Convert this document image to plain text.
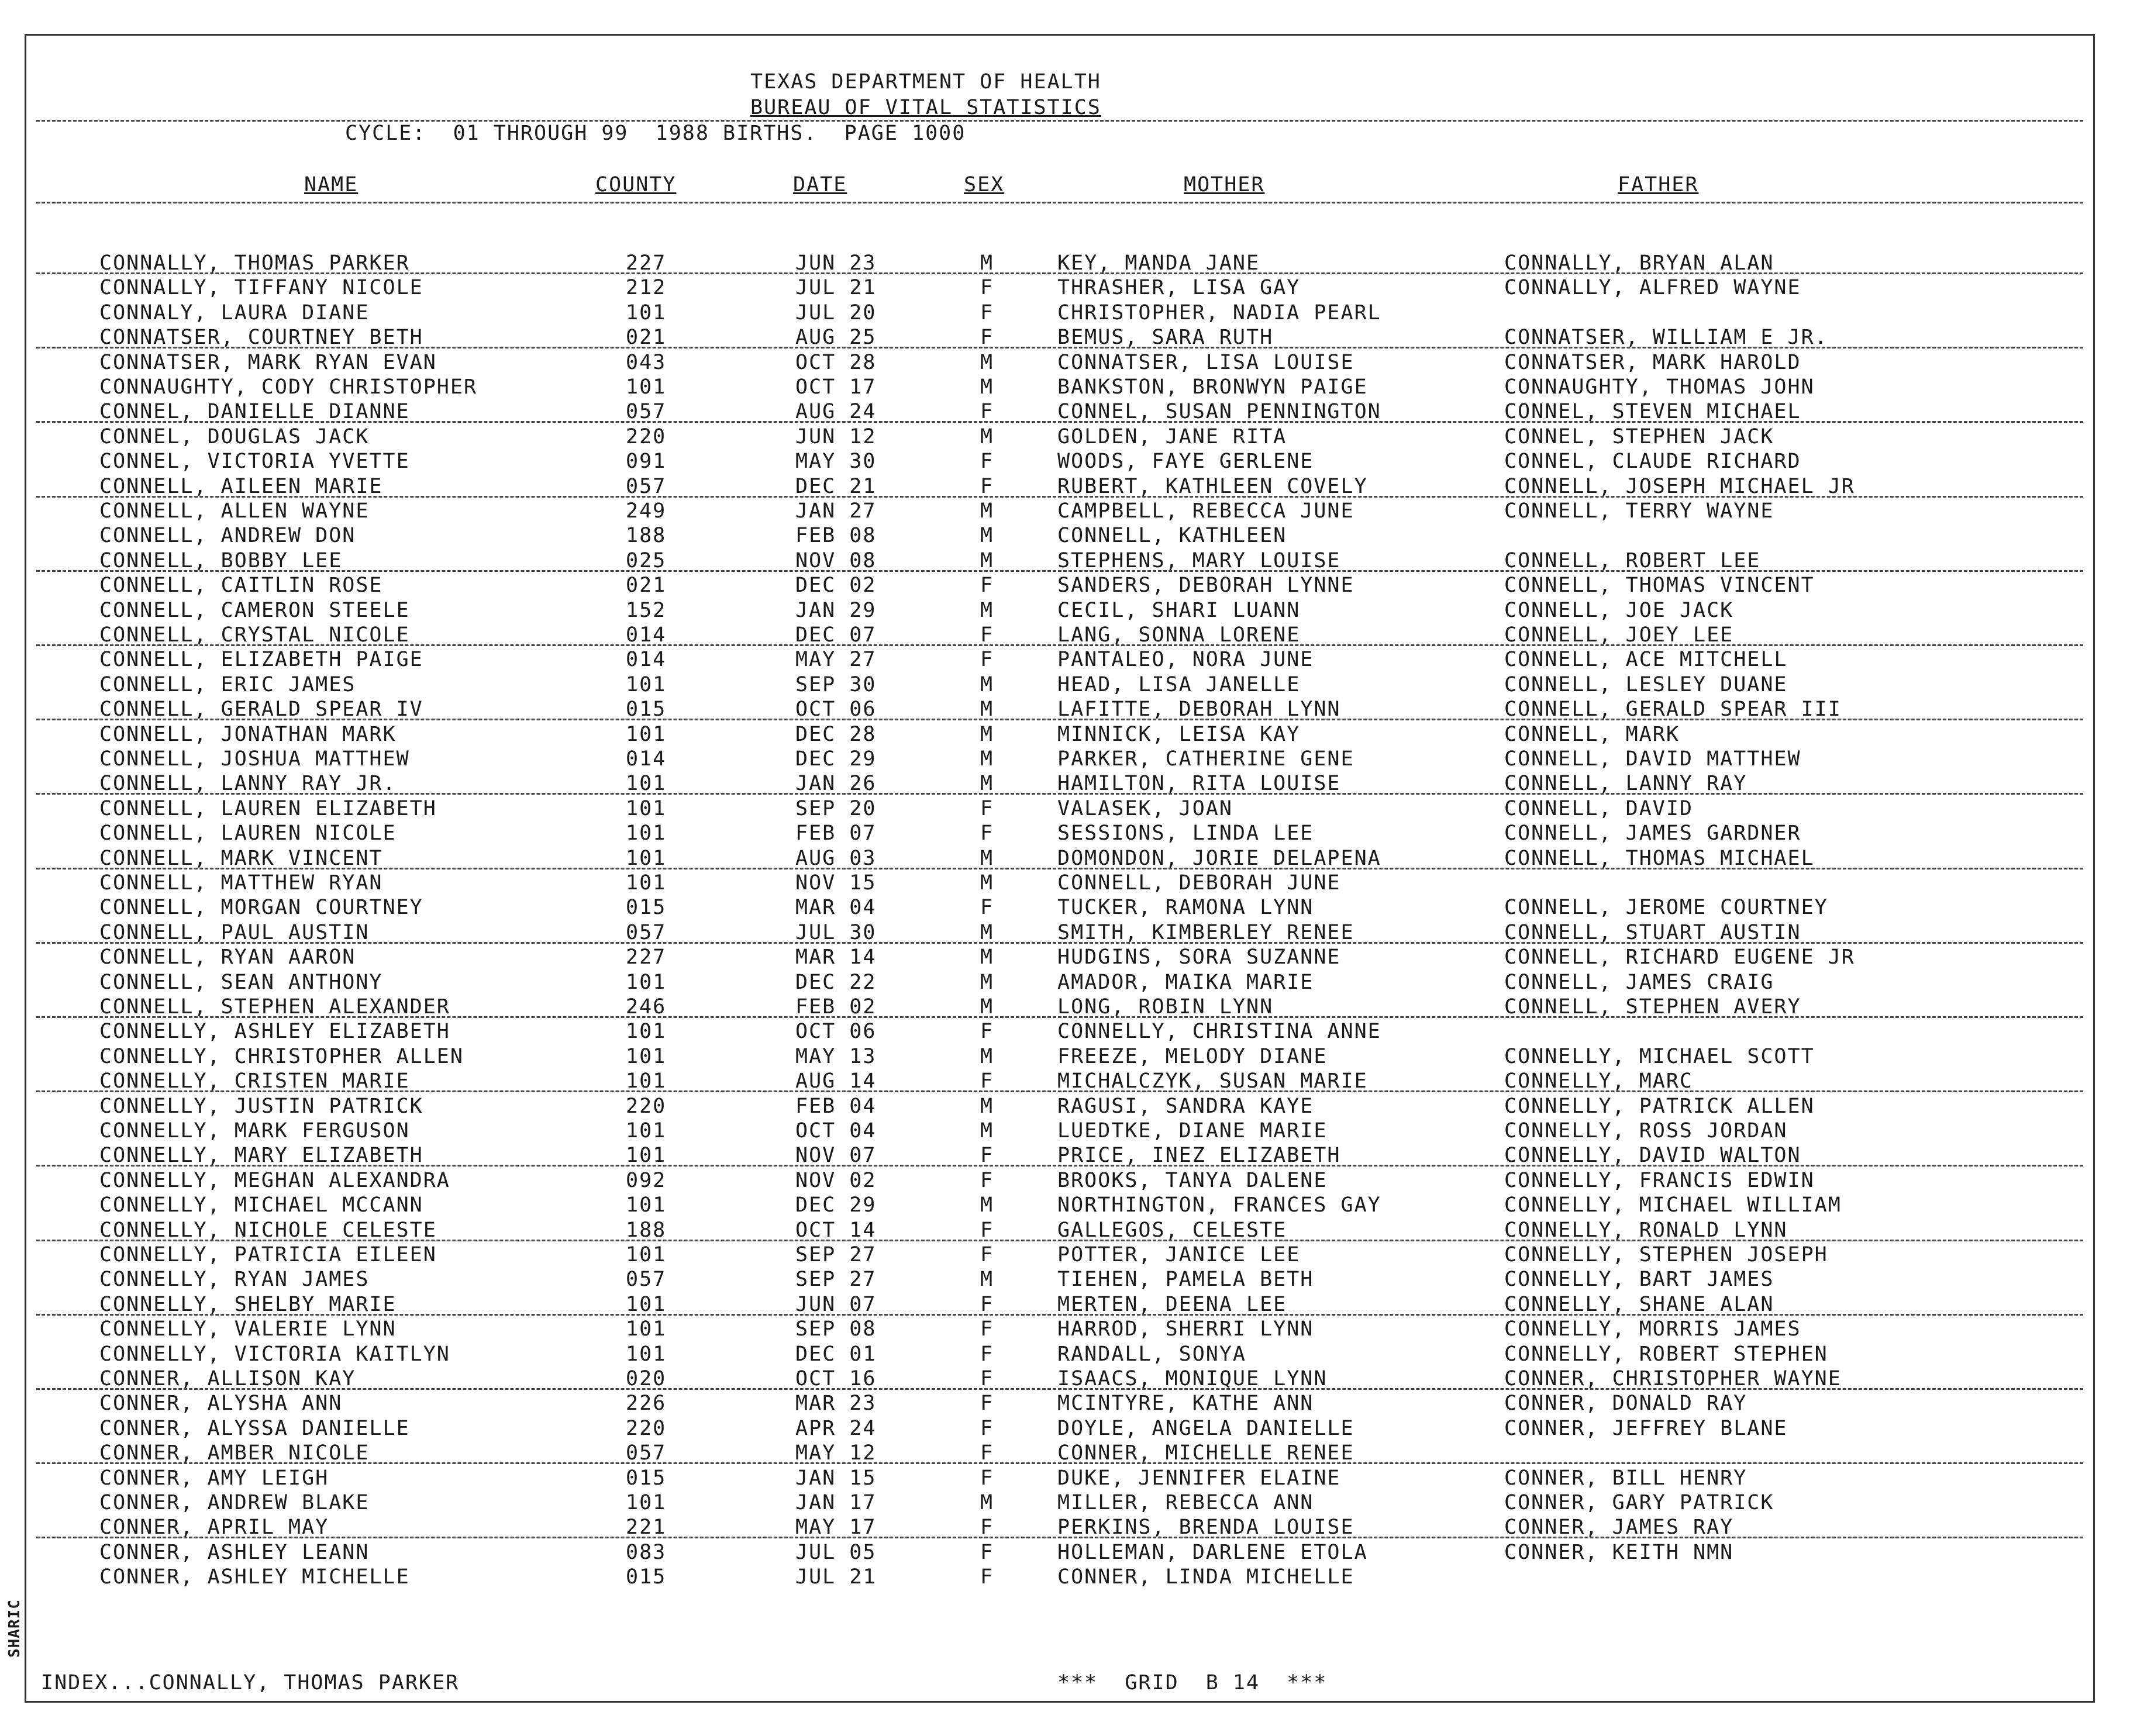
SHARIC
TEXAS DEPARTMENT OF HEALTH
BUREAU OF VITAL STATISTICS
CYCLE:  01 THROUGH 99  1988 BIRTHS.  PAGE 1000
NAME	COUNTY	DATE	SEX	MOTHER	FATHER
CONNALLY, THOMAS PARKER	227	JUN 23	M	KEY, MANDA JANE	CONNALLY, BRYAN ALAN
CONNALLY, TIFFANY NICOLE	212	JUL 21	F	THRASHER, LISA GAY	CONNALLY, ALFRED WAYNE
CONNALY, LAURA DIANE	101	JUL 20	F	CHRISTOPHER, NADIA PEARL
CONNATSER, COURTNEY BETH	021	AUG 25	F	BEMUS, SARA RUTH	CONNATSER, WILLIAM E JR.
CONNATSER, MARK RYAN EVAN	043	OCT 28	M	CONNATSER, LISA LOUISE	CONNATSER, MARK HAROLD
CONNAUGHTY, CODY CHRISTOPHER	101	OCT 17	M	BANKSTON, BRONWYN PAIGE	CONNAUGHTY, THOMAS JOHN
CONNEL, DANIELLE DIANNE	057	AUG 24	F	CONNEL, SUSAN PENNINGTON	CONNEL, STEVEN MICHAEL
CONNEL, DOUGLAS JACK	220	JUN 12	M	GOLDEN, JANE RITA	CONNEL, STEPHEN JACK
CONNEL, VICTORIA YVETTE	091	MAY 30	F	WOODS, FAYE GERLENE	CONNEL, CLAUDE RICHARD
CONNELL, AILEEN MARIE	057	DEC 21	F	RUBERT, KATHLEEN COVELY	CONNELL, JOSEPH MICHAEL JR
CONNELL, ALLEN WAYNE	249	JAN 27	M	CAMPBELL, REBECCA JUNE	CONNELL, TERRY WAYNE
CONNELL, ANDREW DON	188	FEB 08	M	CONNELL, KATHLEEN
CONNELL, BOBBY LEE	025	NOV 08	M	STEPHENS, MARY LOUISE	CONNELL, ROBERT LEE
CONNELL, CAITLIN ROSE	021	DEC 02	F	SANDERS, DEBORAH LYNNE	CONNELL, THOMAS VINCENT
CONNELL, CAMERON STEELE	152	JAN 29	M	CECIL, SHARI LUANN	CONNELL, JOE JACK
CONNELL, CRYSTAL NICOLE	014	DEC 07	F	LANG, SONNA LORENE	CONNELL, JOEY LEE
CONNELL, ELIZABETH PAIGE	014	MAY 27	F	PANTALEO, NORA JUNE	CONNELL, ACE MITCHELL
CONNELL, ERIC JAMES	101	SEP 30	M	HEAD, LISA JANELLE	CONNELL, LESLEY DUANE
CONNELL, GERALD SPEAR IV	015	OCT 06	M	LAFITTE, DEBORAH LYNN	CONNELL, GERALD SPEAR III
CONNELL, JONATHAN MARK	101	DEC 28	M	MINNICK, LEISA KAY	CONNELL, MARK
CONNELL, JOSHUA MATTHEW	014	DEC 29	M	PARKER, CATHERINE GENE	CONNELL, DAVID MATTHEW
CONNELL, LANNY RAY JR.	101	JAN 26	M	HAMILTON, RITA LOUISE	CONNELL, LANNY RAY
CONNELL, LAUREN ELIZABETH	101	SEP 20	F	VALASEK, JOAN	CONNELL, DAVID
CONNELL, LAUREN NICOLE	101	FEB 07	F	SESSIONS, LINDA LEE	CONNELL, JAMES GARDNER
CONNELL, MARK VINCENT	101	AUG 03	M	DOMONDON, JORIE DELAPENA	CONNELL, THOMAS MICHAEL
CONNELL, MATTHEW RYAN	101	NOV 15	M	CONNELL, DEBORAH JUNE
CONNELL, MORGAN COURTNEY	015	MAR 04	F	TUCKER, RAMONA LYNN	CONNELL, JEROME COURTNEY
CONNELL, PAUL AUSTIN	057	JUL 30	M	SMITH, KIMBERLEY RENEE	CONNELL, STUART AUSTIN
CONNELL, RYAN AARON	227	MAR 14	M	HUDGINS, SORA SUZANNE	CONNELL, RICHARD EUGENE JR
CONNELL, SEAN ANTHONY	101	DEC 22	M	AMADOR, MAIKA MARIE	CONNELL, JAMES CRAIG
CONNELL, STEPHEN ALEXANDER	246	FEB 02	M	LONG, ROBIN LYNN	CONNELL, STEPHEN AVERY
CONNELLY, ASHLEY ELIZABETH	101	OCT 06	F	CONNELLY, CHRISTINA ANNE
CONNELLY, CHRISTOPHER ALLEN	101	MAY 13	M	FREEZE, MELODY DIANE	CONNELLY, MICHAEL SCOTT
CONNELLY, CRISTEN MARIE	101	AUG 14	F	MICHALCZYK, SUSAN MARIE	CONNELLY, MARC
CONNELLY, JUSTIN PATRICK	220	FEB 04	M	RAGUSI, SANDRA KAYE	CONNELLY, PATRICK ALLEN
CONNELLY, MARK FERGUSON	101	OCT 04	M	LUEDTKE, DIANE MARIE	CONNELLY, ROSS JORDAN
CONNELLY, MARY ELIZABETH	101	NOV 07	F	PRICE, INEZ ELIZABETH	CONNELLY, DAVID WALTON
CONNELLY, MEGHAN ALEXANDRA	092	NOV 02	F	BROOKS, TANYA DALENE	CONNELLY, FRANCIS EDWIN
CONNELLY, MICHAEL MCCANN	101	DEC 29	M	NORTHINGTON, FRANCES GAY	CONNELLY, MICHAEL WILLIAM
CONNELLY, NICHOLE CELESTE	188	OCT 14	F	GALLEGOS, CELESTE	CONNELLY, RONALD LYNN
CONNELLY, PATRICIA EILEEN	101	SEP 27	F	POTTER, JANICE LEE	CONNELLY, STEPHEN JOSEPH
CONNELLY, RYAN JAMES	057	SEP 27	M	TIEHEN, PAMELA BETH	CONNELLY, BART JAMES
CONNELLY, SHELBY MARIE	101	JUN 07	F	MERTEN, DEENA LEE	CONNELLY, SHANE ALAN
CONNELLY, VALERIE LYNN	101	SEP 08	F	HARROD, SHERRI LYNN	CONNELLY, MORRIS JAMES
CONNELLY, VICTORIA KAITLYN	101	DEC 01	F	RANDALL, SONYA	CONNELLY, ROBERT STEPHEN
CONNER, ALLISON KAY	020	OCT 16	F	ISAACS, MONIQUE LYNN	CONNER, CHRISTOPHER WAYNE
CONNER, ALYSHA ANN	226	MAR 23	F	MCINTYRE, KATHE ANN	CONNER, DONALD RAY
CONNER, ALYSSA DANIELLE	220	APR 24	F	DOYLE, ANGELA DANIELLE	CONNER, JEFFREY BLANE
CONNER, AMBER NICOLE	057	MAY 12	F	CONNER, MICHELLE RENEE
CONNER, AMY LEIGH	015	JAN 15	F	DUKE, JENNIFER ELAINE	CONNER, BILL HENRY
CONNER, ANDREW BLAKE	101	JAN 17	M	MILLER, REBECCA ANN	CONNER, GARY PATRICK
CONNER, APRIL MAY	221	MAY 17	F	PERKINS, BRENDA LOUISE	CONNER, JAMES RAY
CONNER, ASHLEY LEANN	083	JUL 05	F	HOLLEMAN, DARLENE ETOLA	CONNER, KEITH NMN
CONNER, ASHLEY MICHELLE	015	JUL 21	F	CONNER, LINDA MICHELLE
INDEX...CONNALLY, THOMAS PARKER	***  GRID  B 14  ***
